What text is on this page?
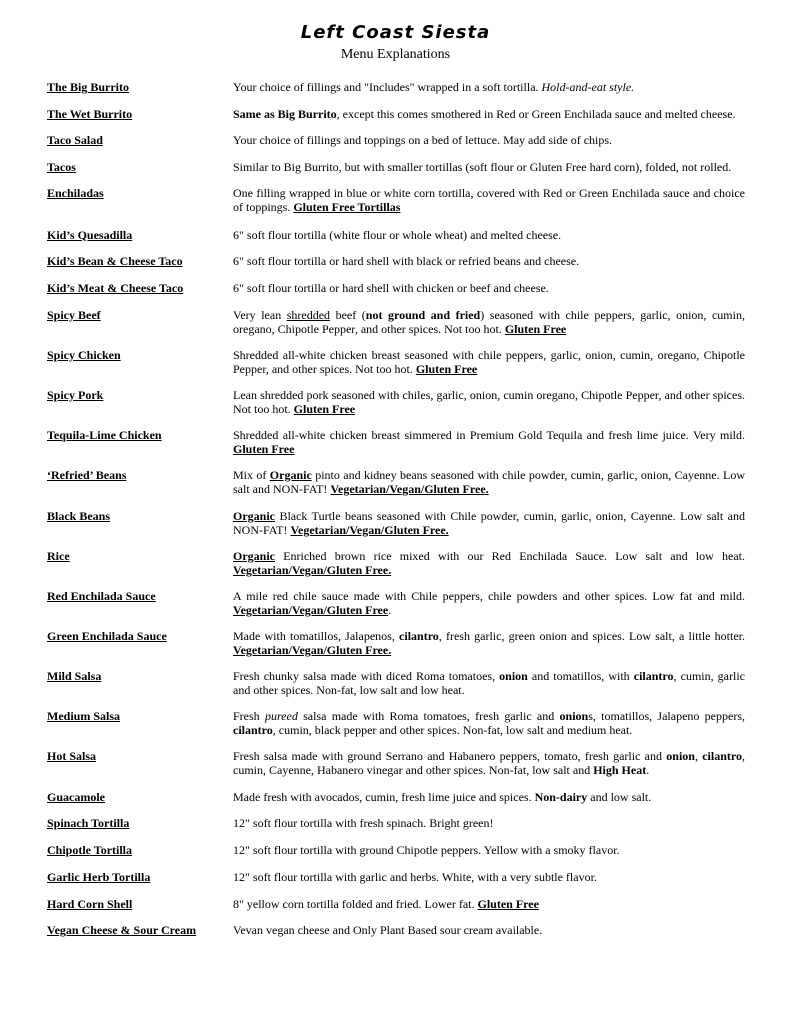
Left Coast Siesta
Menu Explanations
The Big Burrito	Your choice of fillings and "Includes" wrapped in a soft tortilla. Hold-and-eat style.
The Wet Burrito	Same as Big Burrito, except this comes smothered in Red or Green Enchilada sauce and melted cheese.
Taco Salad	Your choice of fillings and toppings on a bed of lettuce. May add side of chips.
Tacos	Similar to Big Burrito, but with smaller tortillas (soft flour or Gluten Free hard corn), folded, not rolled.
Enchiladas	One filling wrapped in blue or white corn tortilla, covered with Red or Green Enchilada sauce and choice of toppings. Gluten Free Tortillas
Kid’s Quesadilla	6" soft flour tortilla (white flour or whole wheat) and melted cheese.
Kid’s Bean & Cheese Taco	6" soft flour tortilla or hard shell with black or refried beans and cheese.
Kid’s Meat & Cheese Taco	6" soft flour tortilla or hard shell with chicken or beef and cheese.
Spicy Beef	Very lean shredded beef (not ground and fried) seasoned with chile peppers, garlic, onion, cumin, oregano, Chipotle Pepper, and other spices. Not too hot. Gluten Free
Spicy Chicken	Shredded all-white chicken breast seasoned with chile peppers, garlic, onion, cumin, oregano, Chipotle Pepper, and other spices. Not too hot. Gluten Free
Spicy Pork	Lean shredded pork seasoned with chiles, garlic, onion, cumin oregano, Chipotle Pepper, and other spices. Not too hot. Gluten Free
Tequila-Lime Chicken	Shredded all-white chicken breast simmered in Premium Gold Tequila and fresh lime juice. Very mild. Gluten Free
‘Refried’ Beans	Mix of Organic pinto and kidney beans seasoned with chile powder, cumin, garlic, onion, Cayenne. Low salt and NON-FAT! Vegetarian/Vegan/Gluten Free.
Black Beans	Organic Black Turtle beans seasoned with Chile powder, cumin, garlic, onion, Cayenne. Low salt and NON-FAT! Vegetarian/Vegan/Gluten Free.
Rice	Organic Enriched brown rice mixed with our Red Enchilada Sauce. Low salt and low heat. Vegetarian/Vegan/Gluten Free.
Red Enchilada Sauce	A mile red chile sauce made with Chile peppers, chile powders and other spices. Low fat and mild. Vegetarian/Vegan/Gluten Free.
Green Enchilada Sauce	Made with tomatillos, Jalapenos, cilantro, fresh garlic, green onion and spices. Low salt, a little hotter. Vegetarian/Vegan/Gluten Free.
Mild Salsa	Fresh chunky salsa made with diced Roma tomatoes, onion and tomatillos, with cilantro, cumin, garlic and other spices. Non-fat, low salt and low heat.
Medium Salsa	Fresh pureed salsa made with Roma tomatoes, fresh garlic and onions, tomatillos, Jalapeno peppers, cilantro, cumin, black pepper and other spices. Non-fat, low salt and medium heat.
Hot Salsa	Fresh salsa made with ground Serrano and Habanero peppers, tomato, fresh garlic and onion, cilantro, cumin, Cayenne, Habanero vinegar and other spices. Non-fat, low salt and High Heat.
Guacamole	Made fresh with avocados, cumin, fresh lime juice and spices. Non-dairy and low salt.
Spinach Tortilla	12" soft flour tortilla with fresh spinach. Bright green!
Chipotle Tortilla	12" soft flour tortilla with ground Chipotle peppers. Yellow with a smoky flavor.
Garlic Herb Tortilla	12" soft flour tortilla with garlic and herbs. White, with a very subtle flavor.
Hard Corn Shell	8" yellow corn tortilla folded and fried. Lower fat. Gluten Free
Vegan Cheese & Sour Cream	Vevan vegan cheese and Only Plant Based sour cream available.
